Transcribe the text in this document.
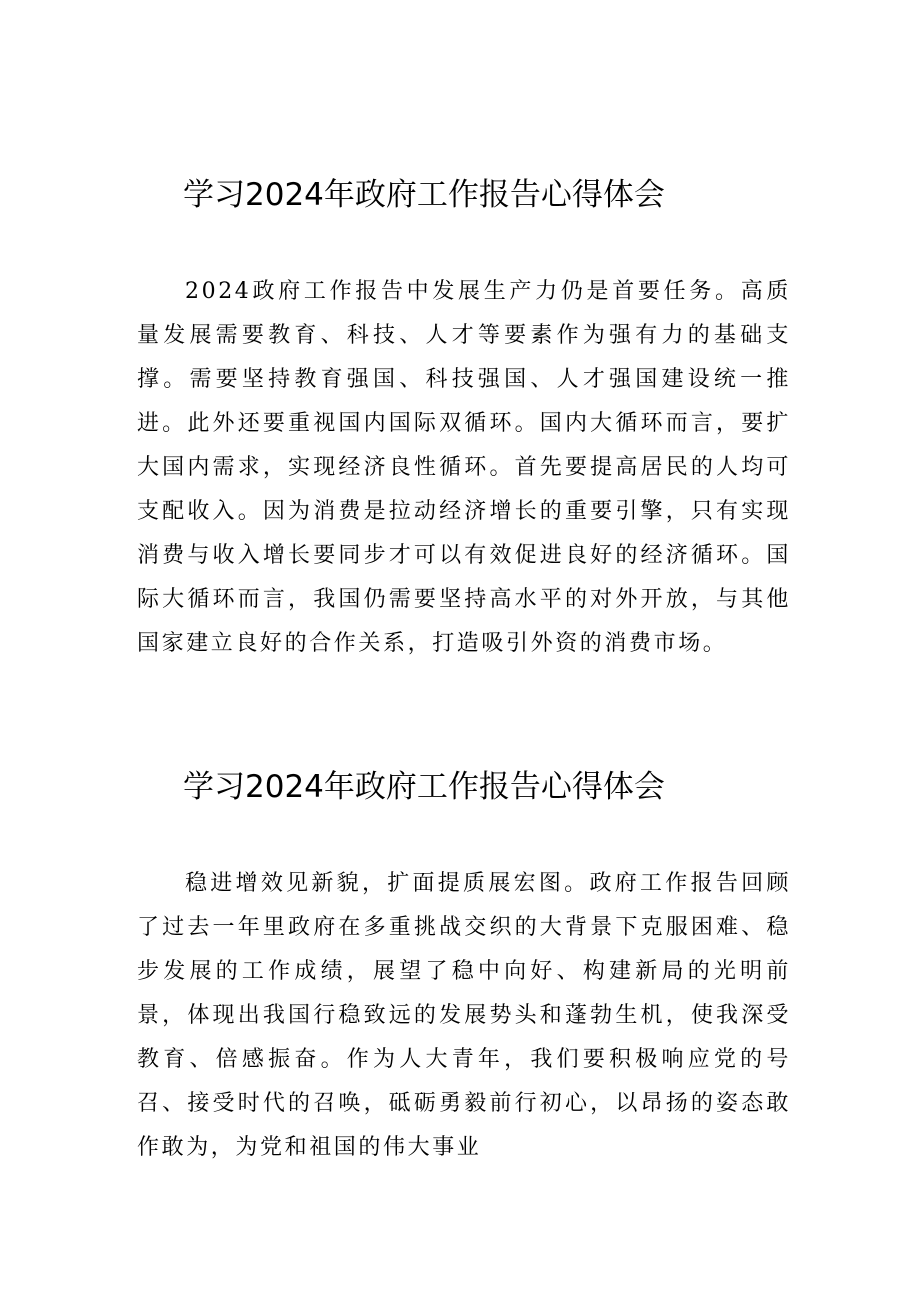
学习2024年政府工作报告心得体会

2024政府工作报告中发展生产力仍是首要任务。高质量发展需要教育、科技、人才等要素作为强有力的基础支撑。需要坚持教育强国、科技强国、人才强国建设统一推进。此外还要重视国内国际双循环。国内大循环而言，要扩大国内需求，实现经济良性循环。首先要提高居民的人均可支配收入。因为消费是拉动经济增长的重要引擎，只有实现消费与收入增长要同步才可以有效促进良好的经济循环。国际大循环而言，我国仍需要坚持高水平的对外开放，与其他国家建立良好的合作关系，打造吸引外资的消费市场。

学习2024年政府工作报告心得体会

稳进增效见新貌，扩面提质展宏图。政府工作报告回顾了过去一年里政府在多重挑战交织的大背景下克服困难、稳步发展的工作成绩，展望了稳中向好、构建新局的光明前景，体现出我国行稳致远的发展势头和蓬勃生机，使我深受教育、倍感振奋。作为人大青年，我们要积极响应党的号召、接受时代的召唤，砥砺勇毅前行初心，以昂扬的姿态敢作敢为，为党和祖国的伟大事业
